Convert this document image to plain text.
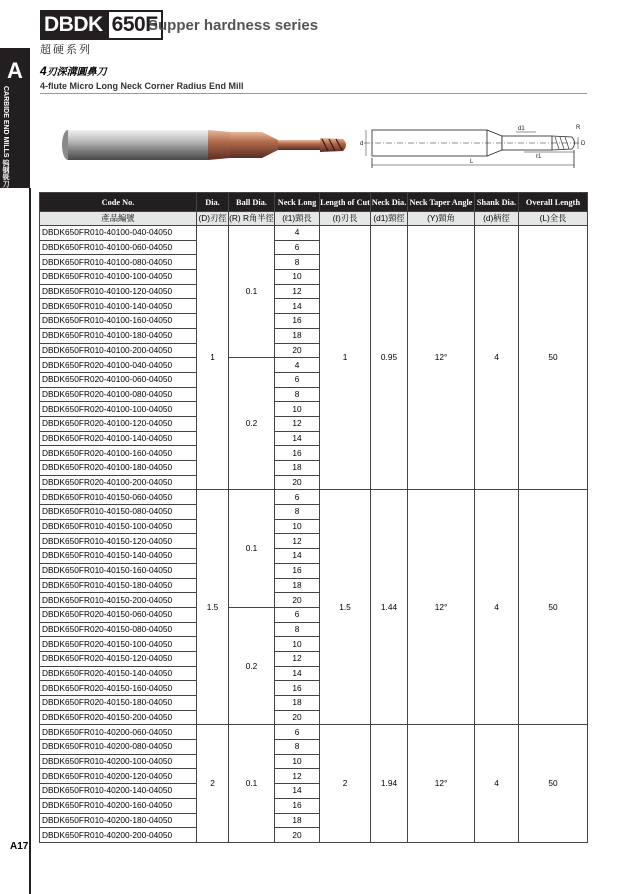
DBDK 650F
Supper hardness series
超硬系列
A
CARBIDE END MILLS 钨钢铣刀
4刃深溝圓鼻刀
4-flute Micro Long Neck Corner Radius End Mill
d
d1	R
D
L
ℓ1
Code No.	Dia.	Ball Dia.	Neck Long	Length of Cut	Neck Dia.	Neck Taper Angle	Shank Dia.	Overall Length
產品編號	(D)刃徑	(R) R角半徑	(ℓ1)頸長	(ℓ)刃長	(d1)頸徑	(Y)頸角	(d)柄徑	(L)全長
DBDK650FR010-40100-040-04050	1	0.1	4	1	0.95	12°	4	50
DBDK650FR010-40100-060-04050			6					
DBDK650FR010-40100-080-04050			8					
DBDK650FR010-40100-100-04050			10					
DBDK650FR010-40100-120-04050			12					
DBDK650FR010-40100-140-04050			14					
DBDK650FR010-40100-160-04050			16					
DBDK650FR010-40100-180-04050			18					
DBDK650FR010-40100-200-04050			20					
DBDK650FR020-40100-040-04050		0.2	4					
DBDK650FR020-40100-060-04050			6					
DBDK650FR020-40100-080-04050			8					
DBDK650FR020-40100-100-04050			10					
DBDK650FR020-40100-120-04050			12					
DBDK650FR020-40100-140-04050			14					
DBDK650FR020-40100-160-04050			16					
DBDK650FR020-40100-180-04050			18					
DBDK650FR020-40100-200-04050			20					
DBDK650FR010-40150-060-04050	1.5	0.1	6	1.5	1.44	12°	4	50
DBDK650FR010-40150-080-04050			8					
DBDK650FR010-40150-100-04050			10					
DBDK650FR010-40150-120-04050			12					
DBDK650FR010-40150-140-04050			14					
DBDK650FR010-40150-160-04050			16					
DBDK650FR010-40150-180-04050			18					
DBDK650FR010-40150-200-04050			20					
DBDK650FR020-40150-060-04050		0.2	6					
DBDK650FR020-40150-080-04050			8					
DBDK650FR020-40150-100-04050			10					
DBDK650FR020-40150-120-04050			12					
DBDK650FR020-40150-140-04050			14					
DBDK650FR020-40150-160-04050			16					
DBDK650FR020-40150-180-04050			18					
DBDK650FR020-40150-200-04050			20					
DBDK650FR010-40200-060-04050	2	0.1	6	2	1.94	12°	4	50
DBDK650FR010-40200-080-04050			8					
DBDK650FR010-40200-100-04050			10					
DBDK650FR010-40200-120-04050			12					
DBDK650FR010-40200-140-04050			14					
DBDK650FR010-40200-160-04050			16					
DBDK650FR010-40200-180-04050			18					
DBDK650FR010-40200-200-04050			20					
A17
